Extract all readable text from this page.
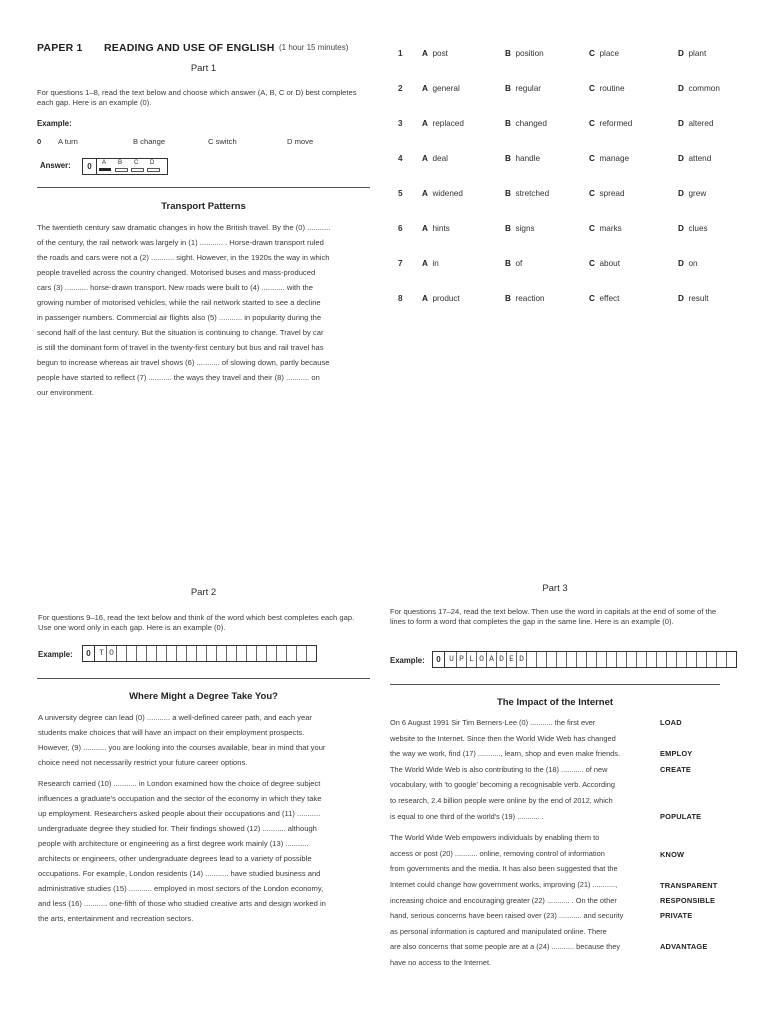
PAPER 1 READING AND USE OF ENGLISH (1 hour 15 minutes)
Part 1
For questions 1–8, read the text below and choose which answer (A, B, C or D) best completes each gap. Here is an example (0).
Example:
0 A turn	B change	C switch	D move
Answer:	0	A B C D
Transport Patterns
The twentieth century saw dramatic changes in how the British travel. By the (0) ...........
of the century, the rail network was largely in (1) ........... . Horse-drawn transport ruled
the roads and cars were not a (2) ........... sight. However, in the 1920s the way in which
people travelled across the country changed. Motorised buses and mass-produced
cars (3) ........... horse-drawn transport. New roads were built to (4) ........... with the
growing number of motorised vehicles, while the rail network started to see a decline
in passenger numbers. Commercial air flights also (5) ........... in popularity during the
second half of the last century. But the situation is continuing to change. Travel by car
is still the dominant form of travel in the twenty-first century but bus and rail travel has
begun to increase whereas air travel shows (6) ........... of slowing down, partly because
people have started to reflect (7) ........... the ways they travel and their (8) ........... on
our environment.
1 A post	B position	C place	D plant
2 A general	B regular	C routine	D common
3 A replaced	B changed	C reformed	D altered
4 A deal	B handle	C manage	D attend
5 A widened	B stretched	C spread	D grew
6 A hints	B signs	C marks	D clues
7 A in	B of	C about	D on
8 A product	B reaction	C effect	D result
Part 2
For questions 9–16, read the text below and think of the word which best completes each gap. Use one word only in each gap. Here is an example (0).
Example:	0	T O
Where Might a Degree Take You?
A university degree can lead (0) ........... a well-defined career path, and each year
students make choices that will have an impact on their employment prospects.
However, (9) ........... you are looking into the courses available, bear in mind that your
choice need not necessarily restrict your future career options.
Research carried (10) ........... in London examined how the choice of degree subject
influences a graduate's occupation and the sector of the economy in which they take
up employment. Researchers asked people about their occupations and (11) ...........
undergraduate degree they studied for. Their findings showed (12) ........... although
people with architecture or engineering as a first degree work mainly (13) ...........
architects or engineers, other undergraduate degrees lead to a variety of possible
occupations. For example, London residents (14) ........... have studied business and
administrative studies (15) ........... employed in most sectors of the London economy,
and less (16) ........... one-fifth of those who studied creative arts and design worked in
the arts, entertainment and recreation sectors.
Part 3
For questions 17–24, read the text below. Then use the word in capitals at the end of some of the lines to form a word that completes the gap in the same line. Here is an example (0).
Example:	0	U P L O A D E D
The Impact of the Internet
On 6 August 1991 Sir Tim Berners-Lee (0) ........... the first ever
website to the Internet. Since then the World Wide Web has changed
the way we work, find (17) ..........., learn, shop and even make friends.
The World Wide Web is also contributing to the (18) ........... of new
vocabulary, with 'to google' becoming a recognisable verb. According
to research, 2.4 billion people were online by the end of 2012, which
is equal to one third of the world's (19) ........... .
The World Wide Web empowers individuals by enabling them to
access or post (20) ........... online, removing control of information
from governments and the media. It has also been suggested that the
Internet could change how government works, improving (21) ...........,
increasing choice and encouraging greater (22) ........... . On the other
hand, serious concerns have been raised over (23) ........... and security
as personal information is captured and manipulated online. There
are also concerns that some people are at a (24) ........... because they
have no access to the Internet.
LOAD
EMPLOY
CREATE
POPULATE
KNOW
TRANSPARENT
RESPONSIBLE
PRIVATE
ADVANTAGE
